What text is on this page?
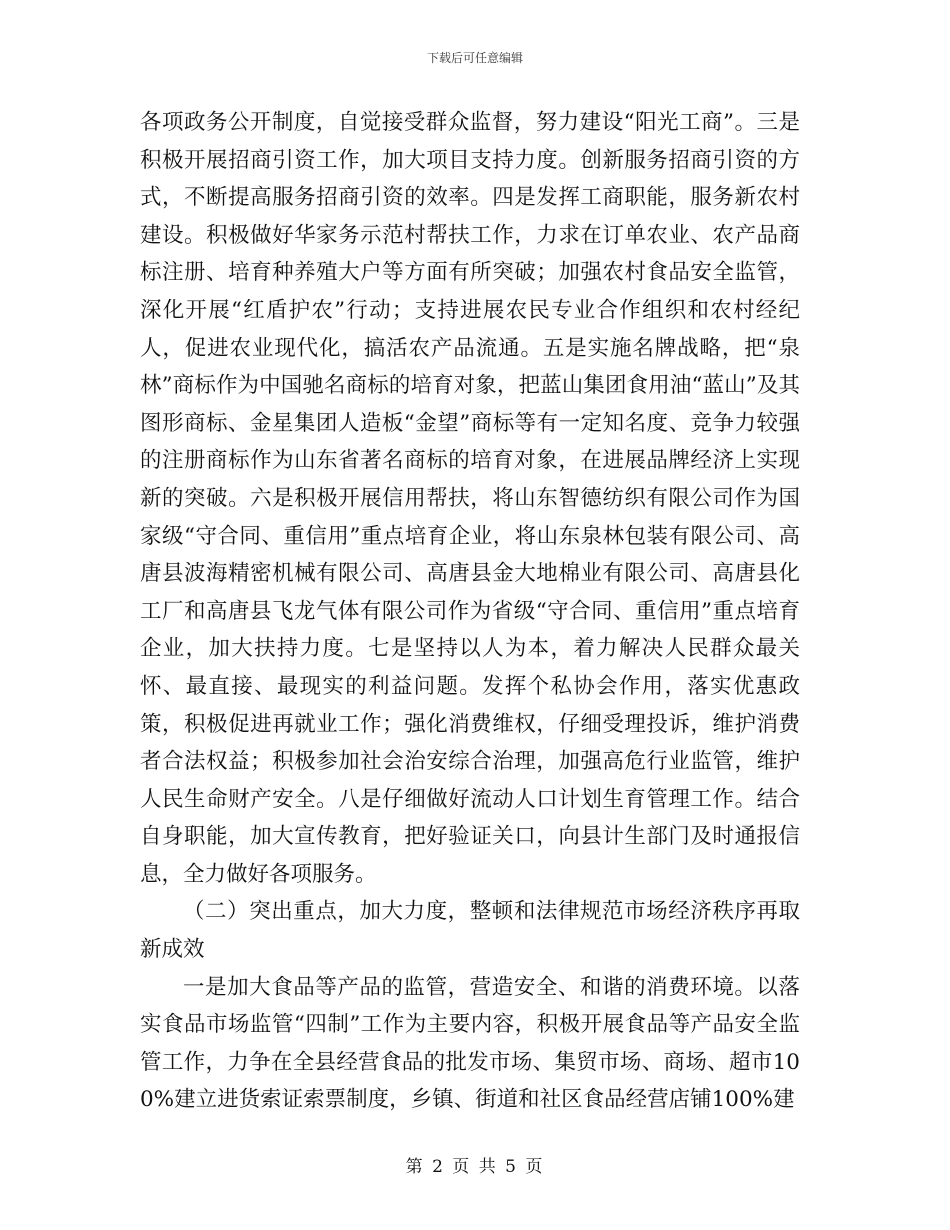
下载后可任意编辑

各项政务公开制度，自觉接受群众监督，努力建设“阳光工商”。三是积极开展招商引资工作，加大项目支持力度。创新服务招商引资的方式，不断提高服务招商引资的效率。四是发挥工商职能，服务新农村建设。积极做好华家务示范村帮扶工作，力求在订单农业、农产品商标注册、培育种养殖大户等方面有所突破；加强农村食品安全监管，深化开展“红盾护农”行动；支持进展农民专业合作组织和农村经纪人，促进农业现代化，搞活农产品流通。五是实施名牌战略，把“泉林”商标作为中国驰名商标的培育对象，把蓝山集团食用油“蓝山”及其图形商标、金星集团人造板“金望”商标等有一定知名度、竞争力较强的注册商标作为山东省著名商标的培育对象，在进展品牌经济上实现新的突破。六是积极开展信用帮扶，将山东智德纺织有限公司作为国家级“守合同、重信用”重点培育企业，将山东泉林包装有限公司、高唐县波海精密机械有限公司、高唐县金大地棉业有限公司、高唐县化工厂和高唐县飞龙气体有限公司作为省级“守合同、重信用”重点培育企业，加大扶持力度。七是坚持以人为本，着力解决人民群众最关怀、最直接、最现实的利益问题。发挥个私协会作用，落实优惠政策，积极促进再就业工作；强化消费维权，仔细受理投诉，维护消费者合法权益；积极参加社会治安综合治理，加强高危行业监管，维护人民生命财产安全。八是仔细做好流动人口计划生育管理工作。结合自身职能，加大宣传教育，把好验证关口，向县计生部门及时通报信息，全力做好各项服务。

（二）突出重点，加大力度，整顿和法律规范市场经济秩序再取新成效

一是加大食品等产品的监管，营造安全、和谐的消费环境。以落实食品市场监管“四制”工作为主要内容，积极开展食品等产品安全监管工作，力争在全县经营食品的批发市场、集贸市场、商场、超市100%建立进货索证索票制度，乡镇、街道和社区食品经营店铺100%建

第 2 页 共 5 页
